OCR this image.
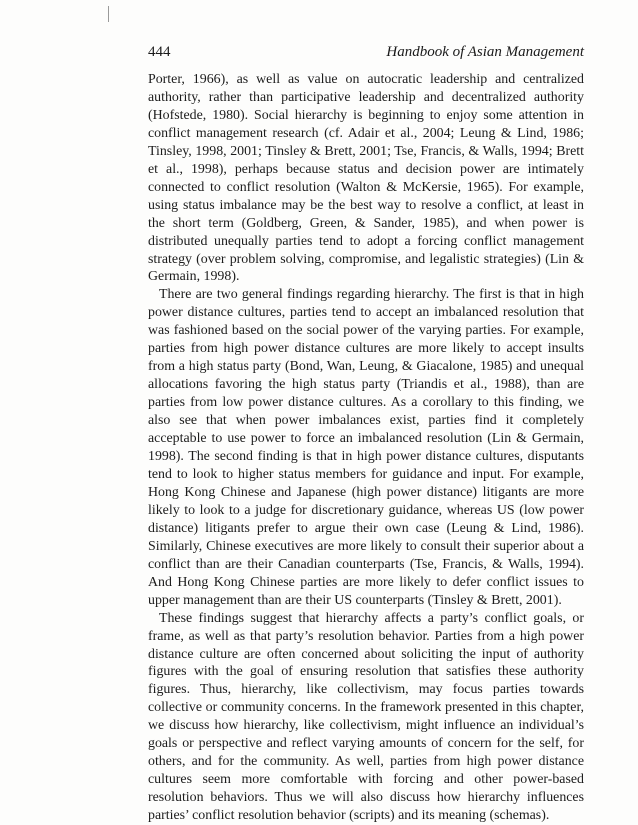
444	Handbook of Asian Management

Porter, 1966), as well as value on autocratic leadership and centralized authority, rather than participative leadership and decentralized authority (Hofstede, 1980). Social hierarchy is beginning to enjoy some attention in conflict management research (cf. Adair et al., 2004; Leung & Lind, 1986; Tinsley, 1998, 2001; Tinsley & Brett, 2001; Tse, Francis, & Walls, 1994; Brett et al., 1998), perhaps because status and decision power are intimately connected to conflict resolution (Walton & McKersie, 1965). For example, using status imbalance may be the best way to resolve a conflict, at least in the short term (Goldberg, Green, & Sander, 1985), and when power is distributed unequally parties tend to adopt a forcing conflict management strategy (over problem solving, compromise, and legalistic strategies) (Lin & Germain, 1998).

There are two general findings regarding hierarchy. The first is that in high power distance cultures, parties tend to accept an imbalanced resolution that was fashioned based on the social power of the varying parties. For example, parties from high power distance cultures are more likely to accept insults from a high status party (Bond, Wan, Leung, & Giacalone, 1985) and unequal allocations favoring the high status party (Triandis et al., 1988), than are parties from low power distance cultures. As a corollary to this finding, we also see that when power imbalances exist, parties find it completely acceptable to use power to force an imbalanced resolution (Lin & Germain, 1998). The second finding is that in high power distance cultures, disputants tend to look to higher status members for guidance and input. For example, Hong Kong Chinese and Japanese (high power distance) litigants are more likely to look to a judge for discretionary guidance, whereas US (low power distance) litigants prefer to argue their own case (Leung & Lind, 1986). Similarly, Chinese executives are more likely to consult their superior about a conflict than are their Canadian counterparts (Tse, Francis, & Walls, 1994). And Hong Kong Chinese parties are more likely to defer conflict issues to upper management than are their US counterparts (Tinsley & Brett, 2001).

These findings suggest that hierarchy affects a party’s conflict goals, or frame, as well as that party’s resolution behavior. Parties from a high power distance culture are often concerned about soliciting the input of authority figures with the goal of ensuring resolution that satisfies these authority figures. Thus, hierarchy, like collectivism, may focus parties towards collective or community concerns. In the framework presented in this chapter, we discuss how hierarchy, like collectivism, might influence an individual’s goals or perspective and reflect varying amounts of concern for the self, for others, and for the community. As well, parties from high power distance cultures seem more comfortable with forcing and other power-based resolution behaviors. Thus we will also discuss how hierarchy influences parties’ conflict resolution behavior (scripts) and its meaning (schemas).
